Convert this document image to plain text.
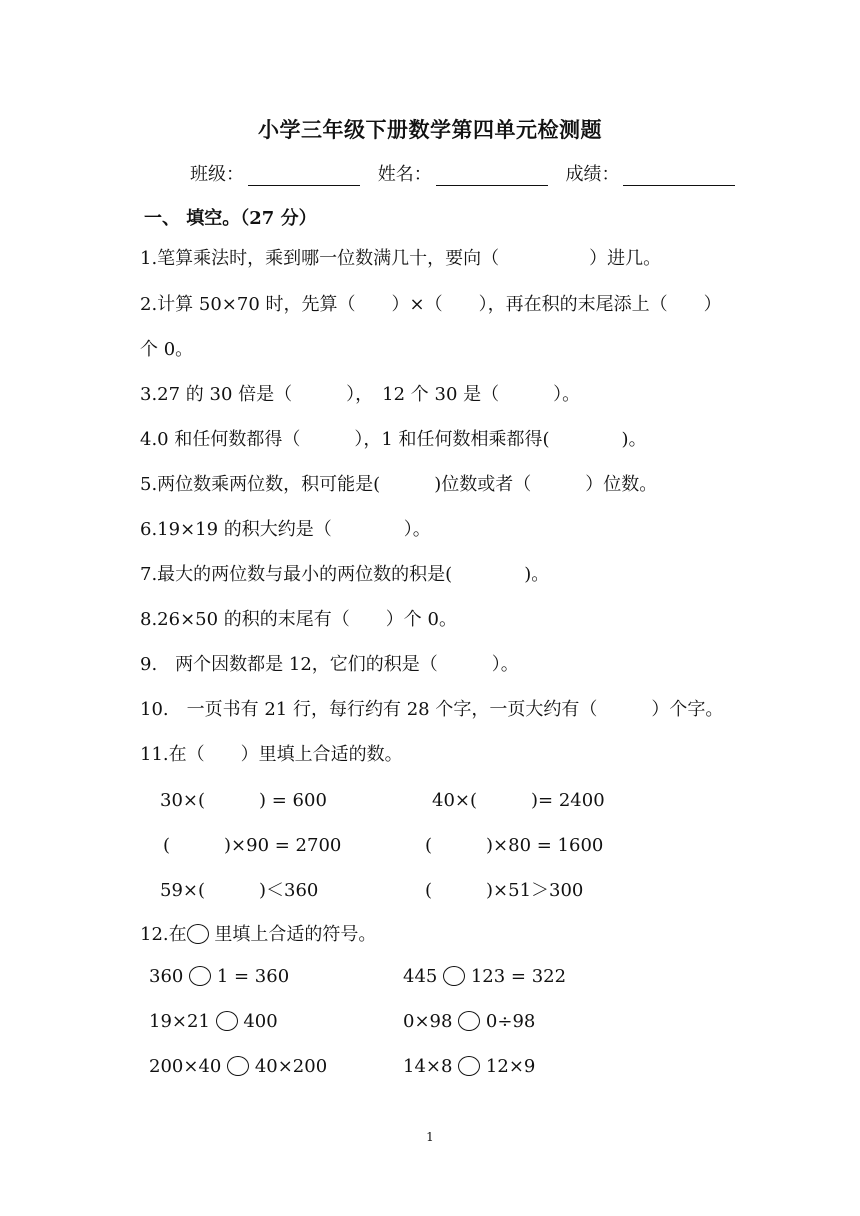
小学三年级下册数学第四单元检测题
班级：	姓名：	成绩：
一、 填空。（27 分）
1.笔算乘法时，乘到哪一位数满几十，要向（　　　　　）进几。
2.计算 50×70 时，先算（　　）×（　　），再在积的末尾添上（　　）
个 0。
3.27 的 30 倍是（　　　），　12 个 30 是（　　　）。
4.0 和任何数都得（　　　），1 和任何数相乘都得(　　　　)。
5.两位数乘两位数，积可能是(　　　)位数或者（　　　）位数。
6.19×19 的积大约是（　　　　）。
7.最大的两位数与最小的两位数的积是(　　　　)。
8.26×50 的积的末尾有（　　）个 0。
9.　两个因数都是 12，它们的积是（　　　）。
10.　一页书有 21 行，每行约有 28 个字，一页大约有（　　　）个字。
11.在（　　）里填上合适的数。
30×(　　　) = 600	40×(　　　)= 2400
(　　　)×90 = 2700	(　　　)×80 = 1600
59×(　　　)＜360	(　　　)×51＞300
12.在 里填上合适的符号。
360 1 = 360	445 123 = 322
19×21 400	0×98 0÷98
200×40 40×200	14×8 12×9
1
